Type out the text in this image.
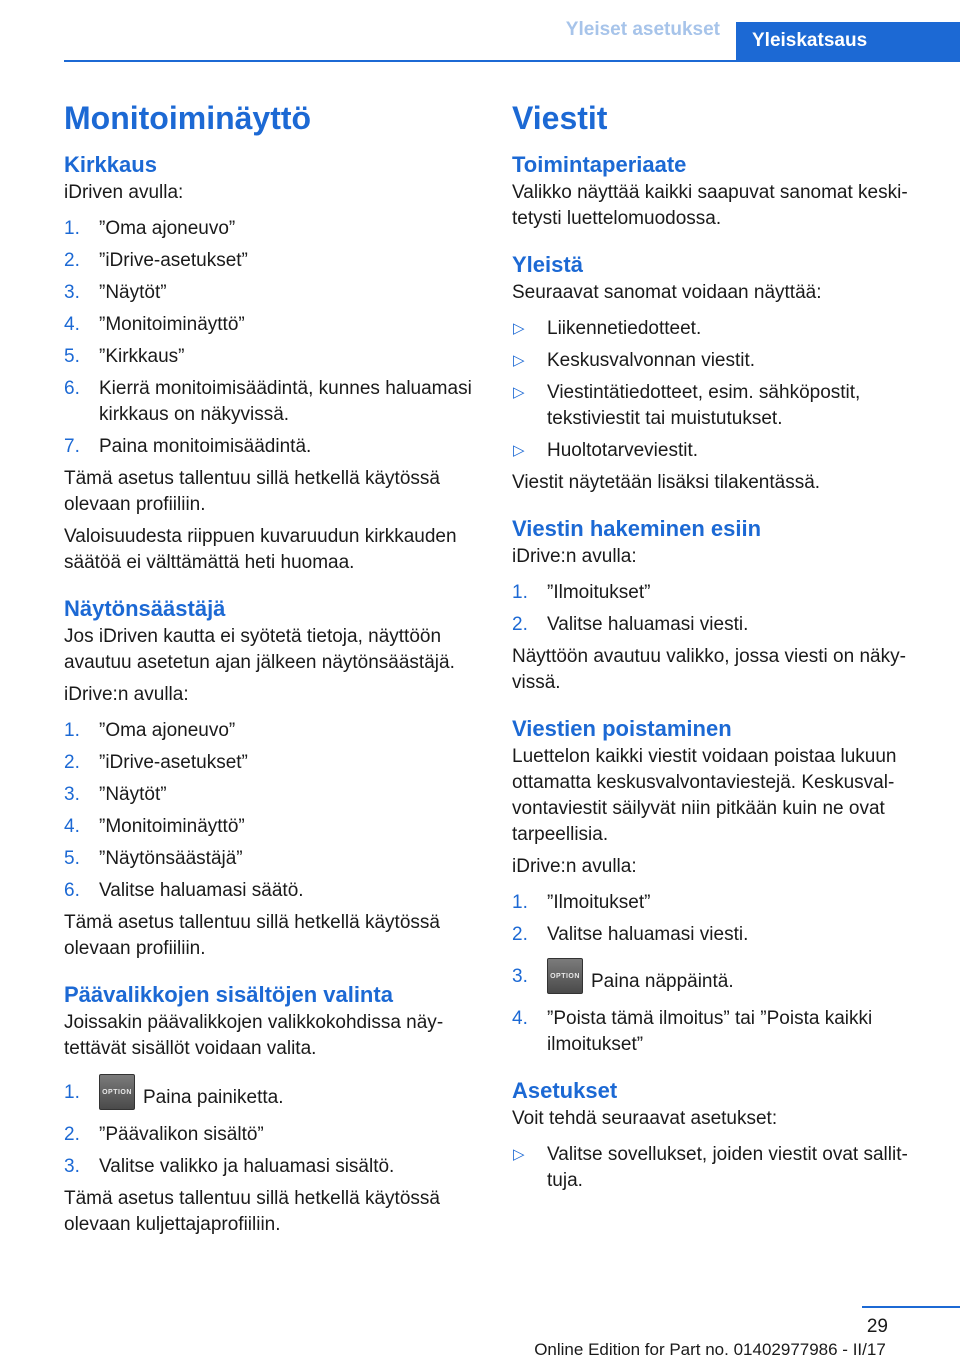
Yleiset asetukset
Yleiskatsaus
Monitoiminäyttö
Kirkkaus

iDriven avulla:

1. ”Oma ajoneuvo”
2. ”iDrive-asetukset”
3. ”Näytöt”
4. ”Monitoiminäyttö”
5. ”Kirkkaus”
6. Kierrä monitoimisäädintä, kunnes haluamasi kirkkaus on näkyvissä.
7. Paina monitoimisäädintä.

Tämä asetus tallentuu sillä hetkellä käytössä olevaan profiiliin.

Valoisuudesta riippuen kuvaruudun kirkkauden säätöä ei välttämättä heti huomaa.

Näytönsäästäjä

Jos iDriven kautta ei syötetä tietoja, näyttöön avautuu asetetun ajan jälkeen näytönsäästäjä.

iDrive:n avulla:

1. ”Oma ajoneuvo”
2. ”iDrive-asetukset”
3. ”Näytöt”
4. ”Monitoiminäyttö”
5. ”Näytönsäästäjä”
6. Valitse haluamasi säätö.

Tämä asetus tallentuu sillä hetkellä käytössä olevaan profiiliin.

Päävalikkojen sisältöjen valinta

Joissakin päävalikkojen valikkokohdissa näytettävät sisällöt voidaan valita.

1.	OPTION Paina painiketta.
2. ”Päävalikon sisältö”
3. Valitse valikko ja haluamasi sisältö.

Tämä asetus tallentuu sillä hetkellä käytössä olevaan kuljettajaprofiiliin.

Viestit
Toimintaperiaate

Valikko näyttää kaikki saapuvat sanomat keskitetysti luettelomuodossa.

Yleistä

Seuraavat sanomat voidaan näyttää:

▷ Liikennetiedotteet.
▷ Keskusvalvonnan viestit.
▷ Viestintätiedotteet, esim. sähköpostit, tekstiviestit tai muistutukset.
▷ Huoltotarveviestit.

Viestit näytetään lisäksi tilakentässä.

Viestin hakeminen esiin

iDrive:n avulla:

1. ”Ilmoitukset”
2. Valitse haluamasi viesti.

Näyttöön avautuu valikko, jossa viesti on näkyvissä.

Viestien poistaminen

Luettelon kaikki viestit voidaan poistaa lukuun ottamatta keskusvalvontaviestejä. Keskusvalvontaviestit säilyvät niin pitkään kuin ne ovat tarpeellisia.

iDrive:n avulla:

1. ”Ilmoitukset”
2. Valitse haluamasi viesti.
3.	OPTION Paina näppäintä.
4. ”Poista tämä ilmoitus” tai ”Poista kaikki ilmoitukset”
Asetukset

Voit tehdä seuraavat asetukset:

▷ Valitse sovellukset, joiden viestit ovat sallittuja.
29
Online Edition for Part no. 01402977986 - II/17
